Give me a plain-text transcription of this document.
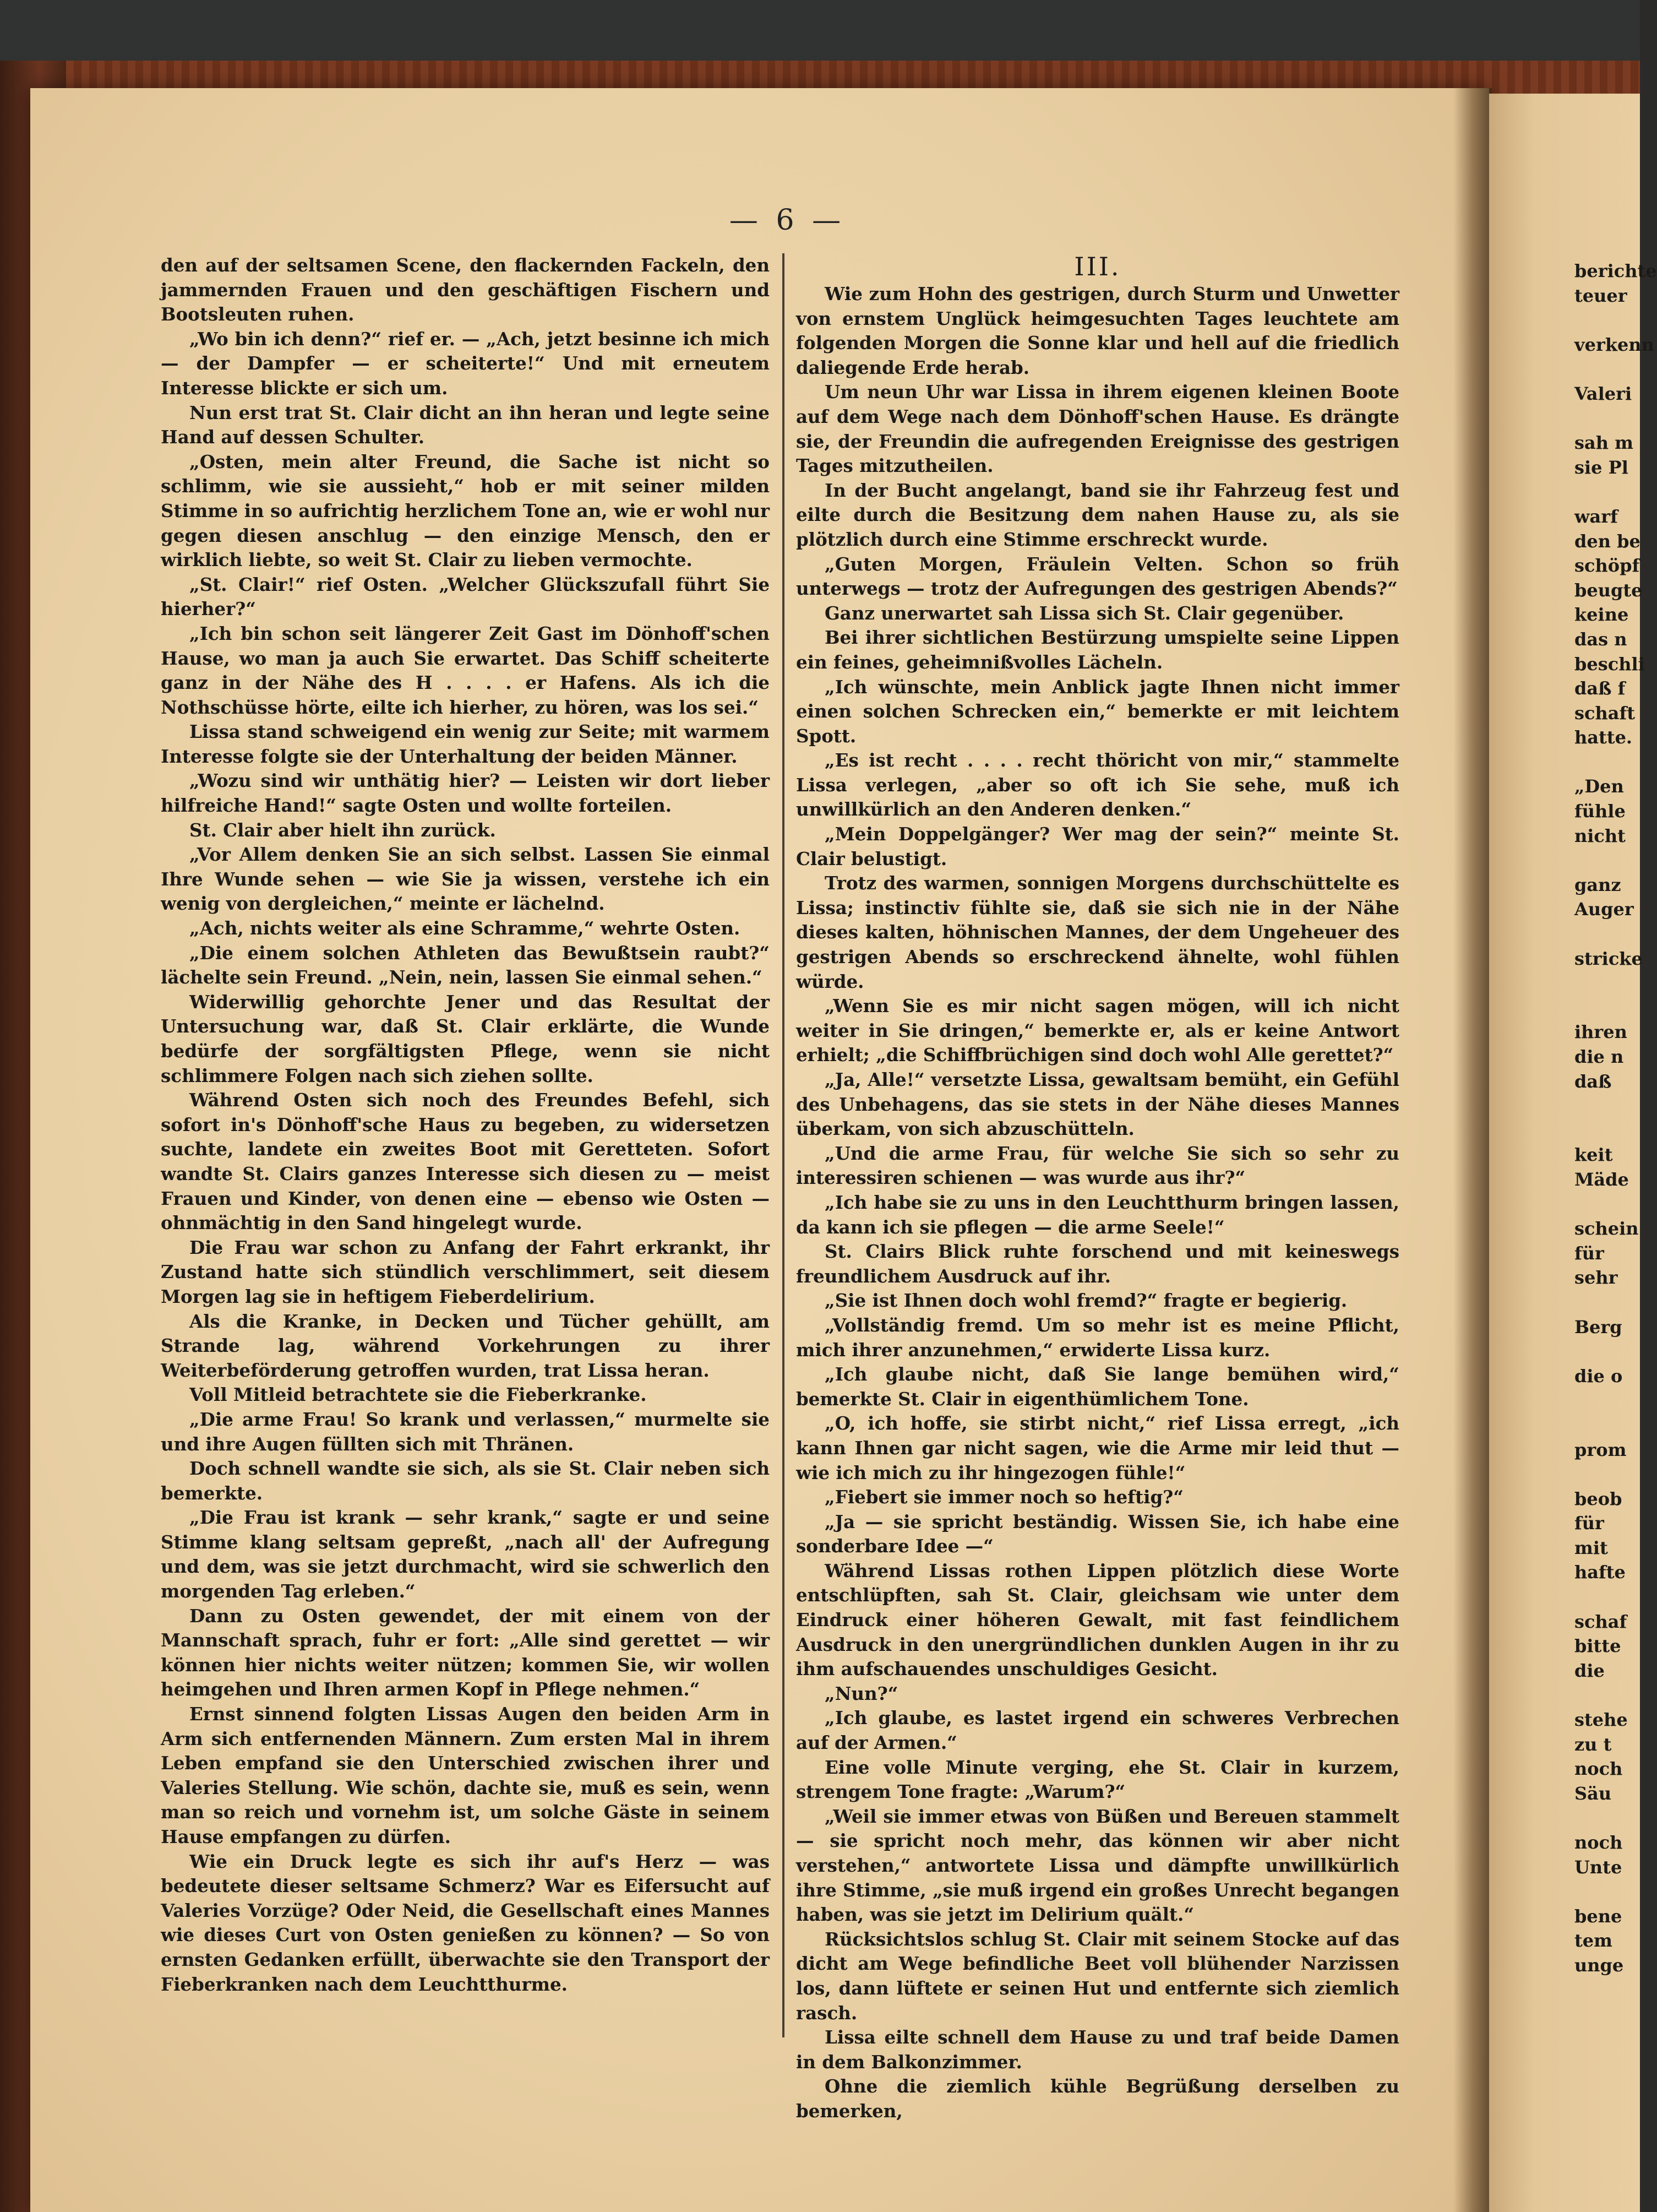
— 6 —

den auf der seltsamen Scene, den flackernden Fackeln, den jammernden Frauen und den geschäftigen Fischern und Bootsleuten ruhen.

„Wo bin ich denn?“ rief er. — „Ach, jetzt besinne ich mich — der Dampfer — er scheiterte!“ Und mit erneutem Interesse blickte er sich um.

Nun erst trat St. Clair dicht an ihn heran und legte seine Hand auf dessen Schulter.

„Osten, mein alter Freund, die Sache ist nicht so schlimm, wie sie aussieht,“ hob er mit seiner milden Stimme in so aufrichtig herzlichem Tone an, wie er wohl nur gegen diesen anschlug — den einzige Mensch, den er wirklich liebte, so weit St. Clair zu lieben vermochte.

„St. Clair!“ rief Osten. „Welcher Glückszufall führt Sie hierher?“

„Ich bin schon seit längerer Zeit Gast im Dönhoff'schen Hause, wo man ja auch Sie erwartet. Das Schiff scheiterte ganz in der Nähe des H . . . . er Hafens. Als ich die Nothschüsse hörte, eilte ich hierher, zu hören, was los sei.“

Lissa stand schweigend ein wenig zur Seite; mit warmem Interesse folgte sie der Unterhaltung der beiden Männer.

„Wozu sind wir unthätig hier? — Leisten wir dort lieber hilfreiche Hand!“ sagte Osten und wollte forteilen.

St. Clair aber hielt ihn zurück.

„Vor Allem denken Sie an sich selbst. Lassen Sie einmal Ihre Wunde sehen — wie Sie ja wissen, verstehe ich ein wenig von dergleichen,“ meinte er lächelnd.

„Ach, nichts weiter als eine Schramme,“ wehrte Osten.

„Die einem solchen Athleten das Bewußtsein raubt?“ lächelte sein Freund. „Nein, nein, lassen Sie einmal sehen.“

Widerwillig gehorchte Jener und das Resultat der Untersuchung war, daß St. Clair erklärte, die Wunde bedürfe der sorgfältigsten Pflege, wenn sie nicht schlimmere Folgen nach sich ziehen sollte.

Während Osten sich noch des Freundes Befehl, sich sofort in's Dönhoff'sche Haus zu begeben, zu widersetzen suchte, landete ein zweites Boot mit Geretteten. Sofort wandte St. Clairs ganzes Interesse sich diesen zu — meist Frauen und Kinder, von denen eine — ebenso wie Osten — ohnmächtig in den Sand hingelegt wurde.

Die Frau war schon zu Anfang der Fahrt erkrankt, ihr Zustand hatte sich stündlich verschlimmert, seit diesem Morgen lag sie in heftigem Fieberdelirium.

Als die Kranke, in Decken und Tücher gehüllt, am Strande lag, während Vorkehrungen zu ihrer Weiterbeförderung getroffen wurden, trat Lissa heran.

Voll Mitleid betrachtete sie die Fieberkranke.

„Die arme Frau! So krank und verlassen,“ murmelte sie und ihre Augen füllten sich mit Thränen.

Doch schnell wandte sie sich, als sie St. Clair neben sich bemerkte.

„Die Frau ist krank — sehr krank,“ sagte er und seine Stimme klang seltsam gepreßt, „nach all' der Aufregung und dem, was sie jetzt durchmacht, wird sie schwerlich den morgenden Tag erleben.“

Dann zu Osten gewendet, der mit einem von der Mannschaft sprach, fuhr er fort: „Alle sind gerettet — wir können hier nichts weiter nützen; kommen Sie, wir wollen heimgehen und Ihren armen Kopf in Pflege nehmen.“

Ernst sinnend folgten Lissas Augen den beiden Arm in Arm sich entfernenden Männern. Zum ersten Mal in ihrem Leben empfand sie den Unterschied zwischen ihrer und Valeries Stellung. Wie schön, dachte sie, muß es sein, wenn man so reich und vornehm ist, um solche Gäste in seinem Hause empfangen zu dürfen.

Wie ein Druck legte es sich ihr auf's Herz — was bedeutete dieser seltsame Schmerz? War es Eifersucht auf Valeries Vorzüge? Oder Neid, die Gesellschaft eines Mannes wie dieses Curt von Osten genießen zu können? — So von ernsten Gedanken erfüllt, überwachte sie den Transport der Fieberkranken nach dem Leuchtthurme.

III.

Wie zum Hohn des gestrigen, durch Sturm und Unwetter von ernstem Unglück heimgesuchten Tages leuchtete am folgenden Morgen die Sonne klar und hell auf die friedlich daliegende Erde herab.

Um neun Uhr war Lissa in ihrem eigenen kleinen Boote auf dem Wege nach dem Dönhoff'schen Hause. Es drängte sie, der Freundin die aufregenden Ereignisse des gestrigen Tages mitzutheilen.

In der Bucht angelangt, band sie ihr Fahrzeug fest und eilte durch die Besitzung dem nahen Hause zu, als sie plötzlich durch eine Stimme erschreckt wurde.

„Guten Morgen, Fräulein Velten. Schon so früh unterwegs — trotz der Aufregungen des gestrigen Abends?“

Ganz unerwartet sah Lissa sich St. Clair gegenüber.

Bei ihrer sichtlichen Bestürzung umspielte seine Lippen ein feines, geheimnißvolles Lächeln.

„Ich wünschte, mein Anblick jagte Ihnen nicht immer einen solchen Schrecken ein,“ bemerkte er mit leichtem Spott.

„Es ist recht . . . . recht thöricht von mir,“ stammelte Lissa verlegen, „aber so oft ich Sie sehe, muß ich unwillkürlich an den Anderen denken.“

„Mein Doppelgänger? Wer mag der sein?“ meinte St. Clair belustigt.

Trotz des warmen, sonnigen Morgens durchschüttelte es Lissa; instinctiv fühlte sie, daß sie sich nie in der Nähe dieses kalten, höhnischen Mannes, der dem Ungeheuer des gestrigen Abends so erschreckend ähnelte, wohl fühlen würde.

„Wenn Sie es mir nicht sagen mögen, will ich nicht weiter in Sie dringen,“ bemerkte er, als er keine Antwort erhielt; „die Schiffbrüchigen sind doch wohl Alle gerettet?“

„Ja, Alle!“ versetzte Lissa, gewaltsam bemüht, ein Gefühl des Unbehagens, das sie stets in der Nähe dieses Mannes überkam, von sich abzuschütteln.

„Und die arme Frau, für welche Sie sich so sehr zu interessiren schienen — was wurde aus ihr?“

„Ich habe sie zu uns in den Leuchtthurm bringen lassen, da kann ich sie pflegen — die arme Seele!“

St. Clairs Blick ruhte forschend und mit keineswegs freundlichem Ausdruck auf ihr.

„Sie ist Ihnen doch wohl fremd?“ fragte er begierig.

„Vollständig fremd. Um so mehr ist es meine Pflicht, mich ihrer anzunehmen,“ erwiderte Lissa kurz.

„Ich glaube nicht, daß Sie lange bemühen wird,“ bemerkte St. Clair in eigenthümlichem Tone.

„O, ich hoffe, sie stirbt nicht,“ rief Lissa erregt, „ich kann Ihnen gar nicht sagen, wie die Arme mir leid thut — wie ich mich zu ihr hingezogen fühle!“

„Fiebert sie immer noch so heftig?“

„Ja — sie spricht beständig. Wissen Sie, ich habe eine sonderbare Idee —“

Während Lissas rothen Lippen plötzlich diese Worte entschlüpften, sah St. Clair, gleichsam wie unter dem Eindruck einer höheren Gewalt, mit fast feindlichem Ausdruck in den unergründlichen dunklen Augen in ihr zu ihm aufschauendes unschuldiges Gesicht.

„Nun?“

„Ich glaube, es lastet irgend ein schweres Verbrechen auf der Armen.“

Eine volle Minute verging, ehe St. Clair in kurzem, strengem Tone fragte: „Warum?“

„Weil sie immer etwas von Büßen und Bereuen stammelt — sie spricht noch mehr, das können wir aber nicht verstehen,“ antwortete Lissa und dämpfte unwillkürlich ihre Stimme, „sie muß irgend ein großes Unrecht begangen haben, was sie jetzt im Delirium quält.“

Rücksichtslos schlug St. Clair mit seinem Stocke auf das dicht am Wege befindliche Beet voll blühender Narzissen los, dann lüftete er seinen Hut und entfernte sich ziemlich rasch.

Lissa eilte schnell dem Hause zu und traf beide Damen in dem Balkonzimmer.

Ohne die ziemlich kühle Begrüßung derselben zu bemerken,

berichte
teuer

verkenn

Valeri

sah m
sie Pl

warf
den be
schöpf
beugte
keine
das n
beschli
daß f
schaft
hatte.

„Den
fühle
nicht

ganz
Auger

stricke

ihren
die n
daß

keit
Mäde

schein
für
sehr

Berg

die o

prom

beob
für
mit
hafte

schaf
bitte
die

stehe
zu t
noch
Säu

noch
Unte

bene
tem
unge
